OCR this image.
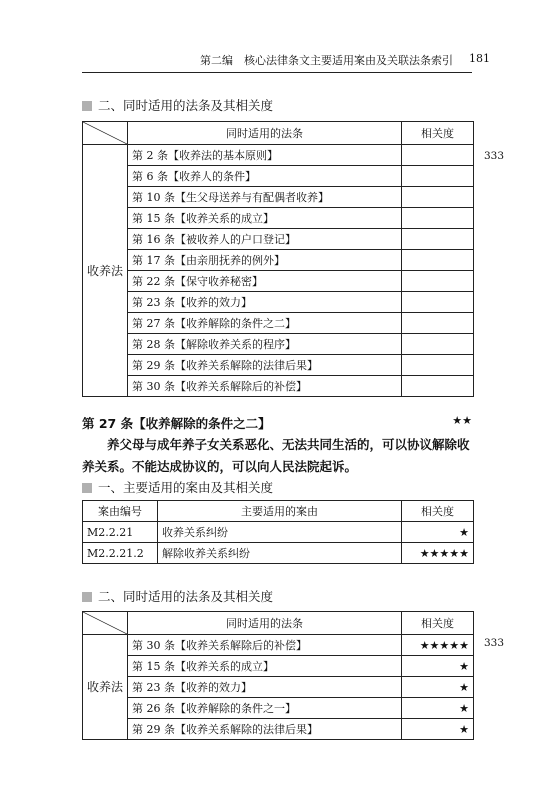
第二编　核心法律条文主要适用案由及关联法条索引 181
二、同时适用的法条及其相关度
	同时适用的法条	相关度
收养法	第 2 条【收养法的基本原则】	
	第 6 条【收养人的条件】	
	第 10 条【生父母送养与有配偶者收养】	
	第 15 条【收养关系的成立】	
	第 16 条【被收养人的户口登记】	
	第 17 条【由亲朋抚养的例外】	
	第 22 条【保守收养秘密】	
	第 23 条【收养的效力】	
	第 27 条【收养解除的条件之二】	
	第 28 条【解除收养关系的程序】	
	第 29 条【收养关系解除的法律后果】	
	第 30 条【收养关系解除后的补偿】	
333
第 27 条【收养解除的条件之二】	★★
养父母与成年养子女关系恶化、无法共同生活的，可以协议解除收养关系。不能达成协议的，可以向人民法院起诉。
一、主要适用的案由及其相关度
案由编号	主要适用的案由	相关度
M2.2.21	收养关系纠纷	★
M2.2.21.2	解除收养关系纠纷	★★★★★
二、同时适用的法条及其相关度
	同时适用的法条	相关度
收养法	第 30 条【收养关系解除后的补偿】	★★★★★
	第 15 条【收养关系的成立】	★
	第 23 条【收养的效力】	★
	第 26 条【收养解除的条件之一】	★
	第 29 条【收养关系解除的法律后果】	★
333
